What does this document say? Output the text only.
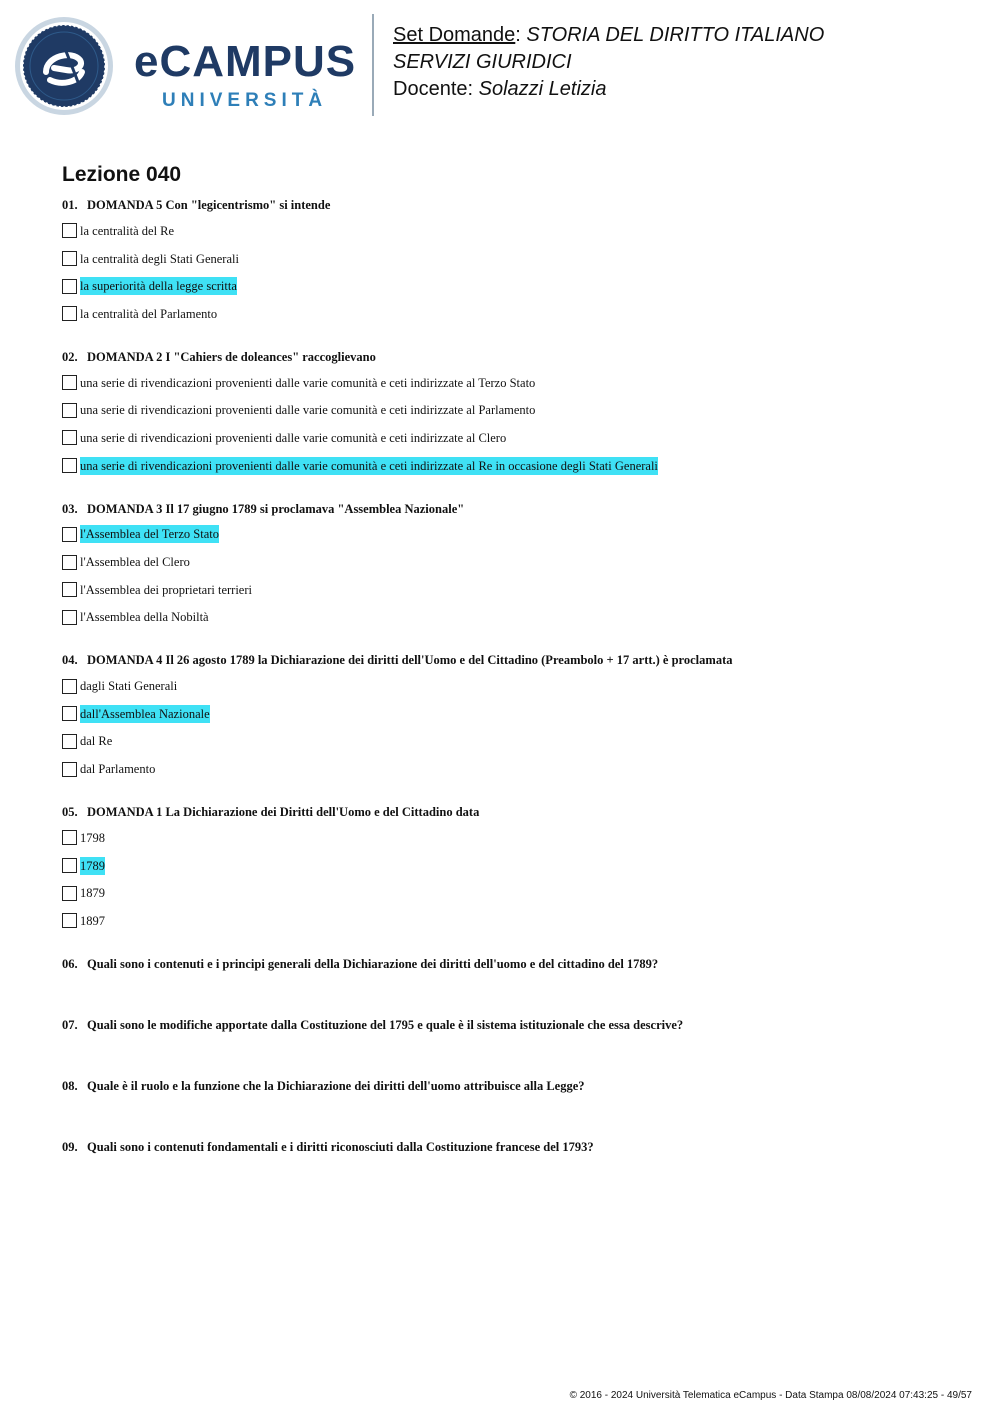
eCAMPUS
UNIVERSITÀ
Set Domande: STORIA DEL DIRITTO ITALIANO
SERVIZI GIURIDICI
Docente: Solazzi Letizia
Lezione 040
01. DOMANDA 5 Con "legicentrismo" si intende
la centralità del Re
la centralità degli Stati Generali
la superiorità della legge scritta
la centralità del Parlamento
02. DOMANDA 2 I "Cahiers de doleances" raccoglievano
una serie di rivendicazioni provenienti dalle varie comunità e ceti indirizzate al Terzo Stato
una serie di rivendicazioni provenienti dalle varie comunità e ceti indirizzate al Parlamento
una serie di rivendicazioni provenienti dalle varie comunità e ceti indirizzate al Clero
una serie di rivendicazioni provenienti dalle varie comunità e ceti indirizzate al Re in occasione degli Stati Generali
03. DOMANDA 3 Il 17 giugno 1789 si proclamava "Assemblea Nazionale"
l'Assemblea del Terzo Stato
l'Assemblea del Clero
l'Assemblea dei proprietari terrieri
l'Assemblea della Nobiltà
04. DOMANDA 4 Il 26 agosto 1789 la Dichiarazione dei diritti dell'Uomo e del Cittadino (Preambolo + 17 artt.) è proclamata
dagli Stati Generali
dall'Assemblea Nazionale
dal Re
dal Parlamento
05. DOMANDA 1 La Dichiarazione dei Diritti dell'Uomo e del Cittadino data
1798
1789
1879
1897
06. Quali sono i contenuti e i principi generali della Dichiarazione dei diritti dell'uomo e del cittadino del 1789?
07. Quali sono le modifiche apportate dalla Costituzione del 1795 e quale è il sistema istituzionale che essa descrive?
08. Quale è il ruolo e la funzione che la Dichiarazione dei diritti dell'uomo attribuisce alla Legge?
09. Quali sono i contenuti fondamentali e i diritti riconosciuti dalla Costituzione francese del 1793?
© 2016 - 2024 Università Telematica eCampus - Data Stampa 08/08/2024 07:43:25 - 49/57
